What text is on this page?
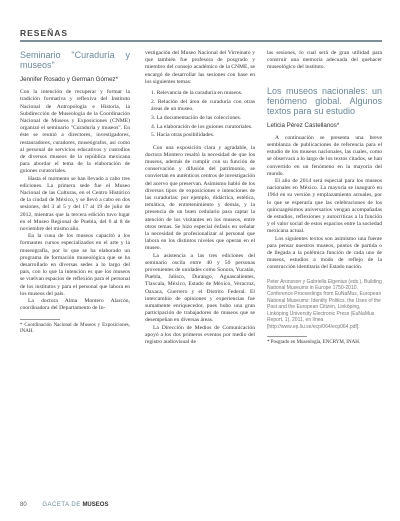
RESEÑAS
Seminario "Curaduría y museos"
Jennifer Rosado y German Gómez*

Con la intención de recuperar y formar la tradición formativa y reflexiva del Instituto Nacional de Antropología e Historia, la Subdirección de Museología de la Coordinación Nacional de Museos y Exposiciones (CNME) organizó el seminario "Curaduría y museos". En éste se reunió a directores, investigadores, restauradores, curadores, museógrafos, así como al personal de servicios educativos y custodios de diversos museos de la república mexicana para abordar el tema de la elaboración de guiones curatoriales.

Hasta el momento se han llevado a cabo tres ediciones. La primera sede fue el Museo Nacional de las Culturas, en el Centro Histórico de la ciudad de México, y se llevó a cabo en dos sesiones, del 3 al 5 y del 17 al 19 de julio de 2012, mientras que la tercera edición tuvo lugar en el Museo Regional de Puebla, del 6 al 8 de noviembre del mismo año.

En la cuna de los museos capacitó a los formantes cursos especializados en el arte y la museografía, por lo que se ha elaborado un programa de formación museológica que se ha desarrollado en diversas sedes a lo largo del país, con lo que la intención es que los museos se vuelvan espacios de reflexión para el personal de los institutos y para el personal que labora en los museos del país.

La doctora Alma Montero Alarcón, coordinadora del Departamento de In-

* Coordinación Nacional de Museos y Exposiciones, INAH.

vestigación del Museo Nacional del Virreinato y que también fue profesora de posgrado y miembro del consejo académico de la CNME, se encargó de desarrollar las sesiones con base en los siguientes temas:

1. Relevancia de la curaduría en museos.
2. Relación del área de curaduría con otras áreas de un museo.
3. La documentación de las colecciones.
4. La elaboración de los guiones curatoriales.
5. Hacia otras posibilidades.

Con una exposición clara y agradable, la doctora Montero resaltó la necesidad de que los museos, además de cumplir con su función de conservación y difusión del patrimonio, se conviertan en auténticos centros de investigación del acervo que preservan. Asimismo habló de los diversos tipos de exposiciones e intenciones de las curadurías: por ejemplo, didáctica, estética, temática, de entretenimiento y demás, y la presencia de un buen cedulario para captar la atención de los visitantes en los museos, entre otros temas. Se hizo especial énfasis en señalar la necesidad de profesionalizar al personal que labora en los distintos niveles que operan en el museo.

La asistencia a las tres ediciones del seminario oscila entre 40 y 50 personas provenientes de unidades como Sonora, Yucatán, Puebla, Jalisco, Durango, Aguascalientes, Tlaxcala, México, Estado de México, Veracruz, Oaxaca, Guerrero y el Distrito Federal. El intercambio de opiniones y experiencias fue sumamente enriquecedor, pues hubo una gran participación de trabajadores de museos que se desempeñan en diversas áreas.

La Dirección de Medios de Comunicación apoyó a los dos primeros eventos por medio del registro audiovisual de

las sesiones, lo cual será de gran utilidad para construir una memoria adecuada del quehacer museológico del instituto.

Los museos nacionales: un fenómeno global. Algunos textos para su estudio
Leticia Pérez Castellanos*

A continuación se presenta una breve semblanza de publicaciones de referencia para el estudio de los museos nacionales, las cuales, como se observará a lo largo de los textos citados, se han convertido en un fenómeno en la mayoría del mundo.

El año de 2014 será especial para los museos nacionales en México. La mayoría se inauguró en 1964 en su versión y emplazamiento actuales, por lo que se esperaría que las celebraciones de los quincuagésimos aniversarios vengan acompañadas de estudios, reflexiones y autocríticas a la función y el valor social de estos espacios entre la sociedad mexicana actual.

Los siguientes textos son asimismo una fuente para pensar nuestros museos, puntos de partida o de llegada a la polémica función de cada uno de museos, estudios a modo de reflejo de la construcción identitaria del Estado nación.

Peter Aronsson y Gabriella Elgenius (eds.), Building National Museums in Europe 1750-2010. Conference Proceedings from EuNaMus, European National Museums: Identity Politics, the Uses of the Past and the European Citizen, Linköping, Linköping University Electronic Press (EuNaMus Report, 1), 2011, en línea [http://www.ep.liu.se/ecp/064/ecp064.pdf].
* Posgrado en Museología, ENCRYM, INAH.
80	GACETA DE MUSEOS
